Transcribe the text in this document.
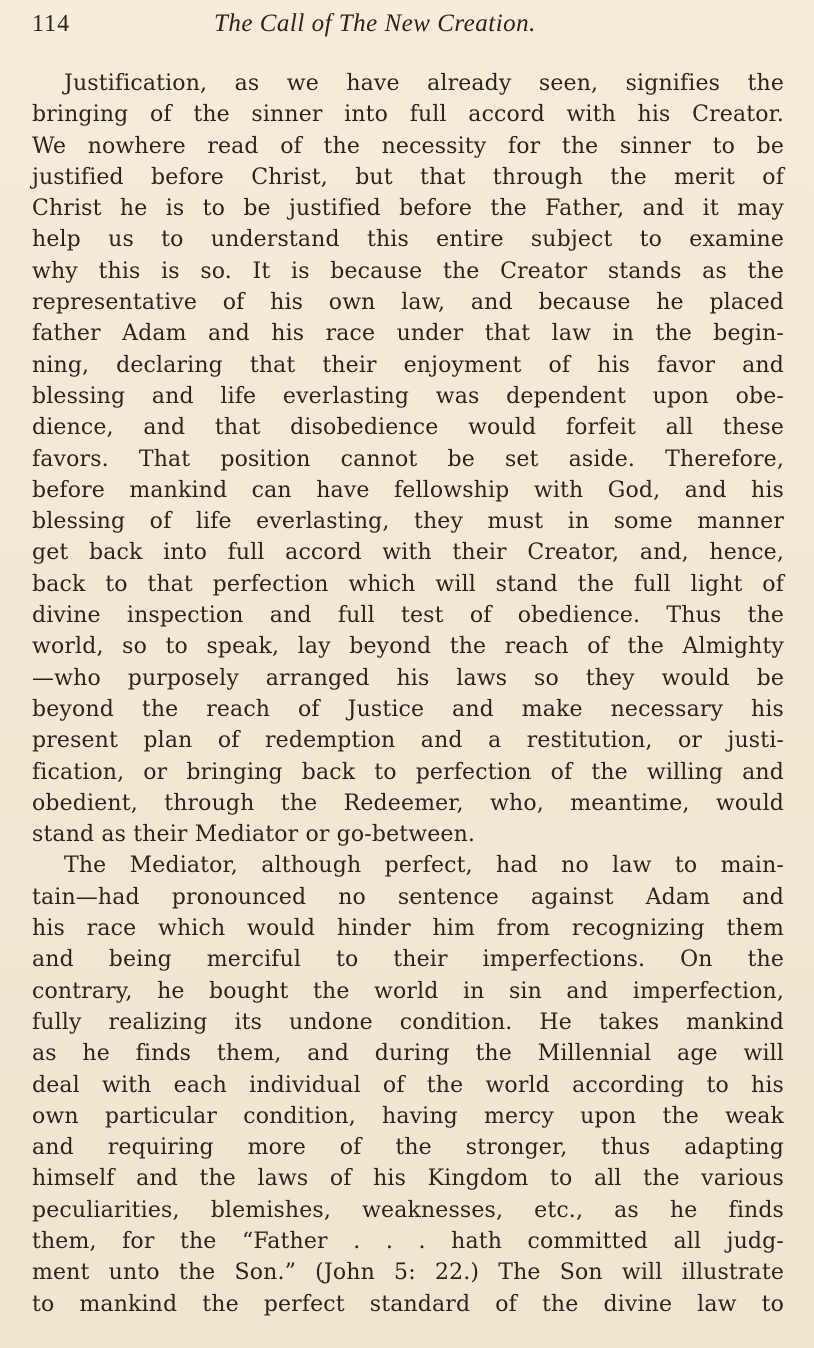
114	The Call of The New Creation.
Justification, as we have already seen, signifies the
bringing of the sinner into full accord with his Creator.
We nowhere read of the necessity for the sinner to be
justified before Christ, but that through the merit of
Christ he is to be justified before the Father, and it may
help us to understand this entire subject to examine
why this is so. It is because the Creator stands as the
representative of his own law, and because he placed
father Adam and his race under that law in the begin-
ning, declaring that their enjoyment of his favor and
blessing and life everlasting was dependent upon obe-
dience, and that disobedience would forfeit all these
favors. That position cannot be set aside. Therefore,
before mankind can have fellowship with God, and his
blessing of life everlasting, they must in some manner
get back into full accord with their Creator, and, hence,
back to that perfection which will stand the full light of
divine inspection and full test of obedience. Thus the
world, so to speak, lay beyond the reach of the Almighty
—who purposely arranged his laws so they would be
beyond the reach of Justice and make necessary his
present plan of redemption and a restitution, or justi-
fication, or bringing back to perfection of the willing and
obedient, through the Redeemer, who, meantime, would
stand as their Mediator or go-between.
The Mediator, although perfect, had no law to main-
tain—had pronounced no sentence against Adam and
his race which would hinder him from recognizing them
and being merciful to their imperfections. On the
contrary, he bought the world in sin and imperfection,
fully realizing its undone condition. He takes mankind
as he finds them, and during the Millennial age will
deal with each individual of the world according to his
own particular condition, having mercy upon the weak
and requiring more of the stronger, thus adapting
himself and the laws of his Kingdom to all the various
peculiarities, blemishes, weaknesses, etc., as he finds
them, for the “Father . . . hath committed all judg-
ment unto the Son.” (John 5: 22.) The Son will illustrate
to mankind the perfect standard of the divine law to
